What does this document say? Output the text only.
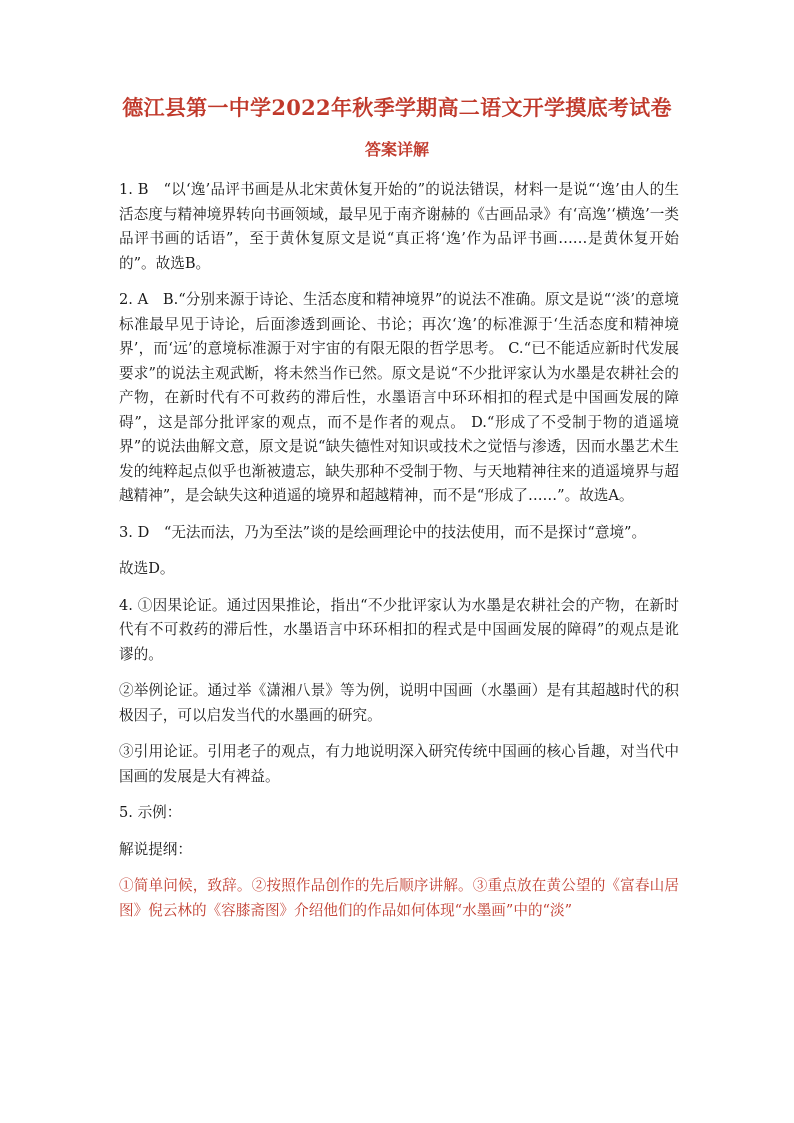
德江县第一中学2022年秋季学期高二语文开学摸底考试卷
答案详解

1. B　“以‘逸’品评书画是从北宋黄休复开始的”的说法错误，材料一是说“‘逸’由人的生活态度与精神境界转向书画领域，最早见于南齐谢赫的《古画品录》有‘高逸’‘横逸’一类品评书画的话语”，至于黄休复原文是说“真正将‘逸’作为品评书画……是黄休复开始的”。故选B。

2. A　B.“分别来源于诗论、生活态度和精神境界”的说法不准确。原文是说“‘淡’的意境标准最早见于诗论，后面渗透到画论、书论；再次‘逸’的标准源于‘生活态度和精神境界’，而‘远’的意境标准源于对宇宙的有限无限的哲学思考。 C.“已不能适应新时代发展要求”的说法主观武断，将未然当作已然。原文是说“不少批评家认为水墨是农耕社会的产物，在新时代有不可救药的滞后性，水墨语言中环环相扣的程式是中国画发展的障碍”，这是部分批评家的观点，而不是作者的观点。 D.“形成了不受制于物的逍遥境界”的说法曲解文意，原文是说“缺失德性对知识或技术之觉悟与渗透，因而水墨艺术生发的纯粹起点似乎也渐被遗忘，缺失那种不受制于物、与天地精神往来的逍遥境界与超越精神”，是会缺失这种逍遥的境界和超越精神，而不是“形成了……”。故选A。

3. D　“无法而法，乃为至法”谈的是绘画理论中的技法使用，而不是探讨“意境”。

故选D。

4. ①因果论证。通过因果推论，指出“不少批评家认为水墨是农耕社会的产物，在新时代有不可救药的滞后性，水墨语言中环环相扣的程式是中国画发展的障碍”的观点是讹谬的。

②举例论证。通过举《潇湘八景》等为例，说明中国画（水墨画）是有其超越时代的积极因子，可以启发当代的水墨画的研究。

③引用论证。引用老子的观点，有力地说明深入研究传统中国画的核心旨趣，对当代中国画的发展是大有裨益。

5. 示例：

解说提纲：

①简单问候，致辞。②按照作品创作的先后顺序讲解。③重点放在黄公望的《富春山居图》倪云林的《容膝斋图》介绍他们的作品如何体现“水墨画”中的“淡”
